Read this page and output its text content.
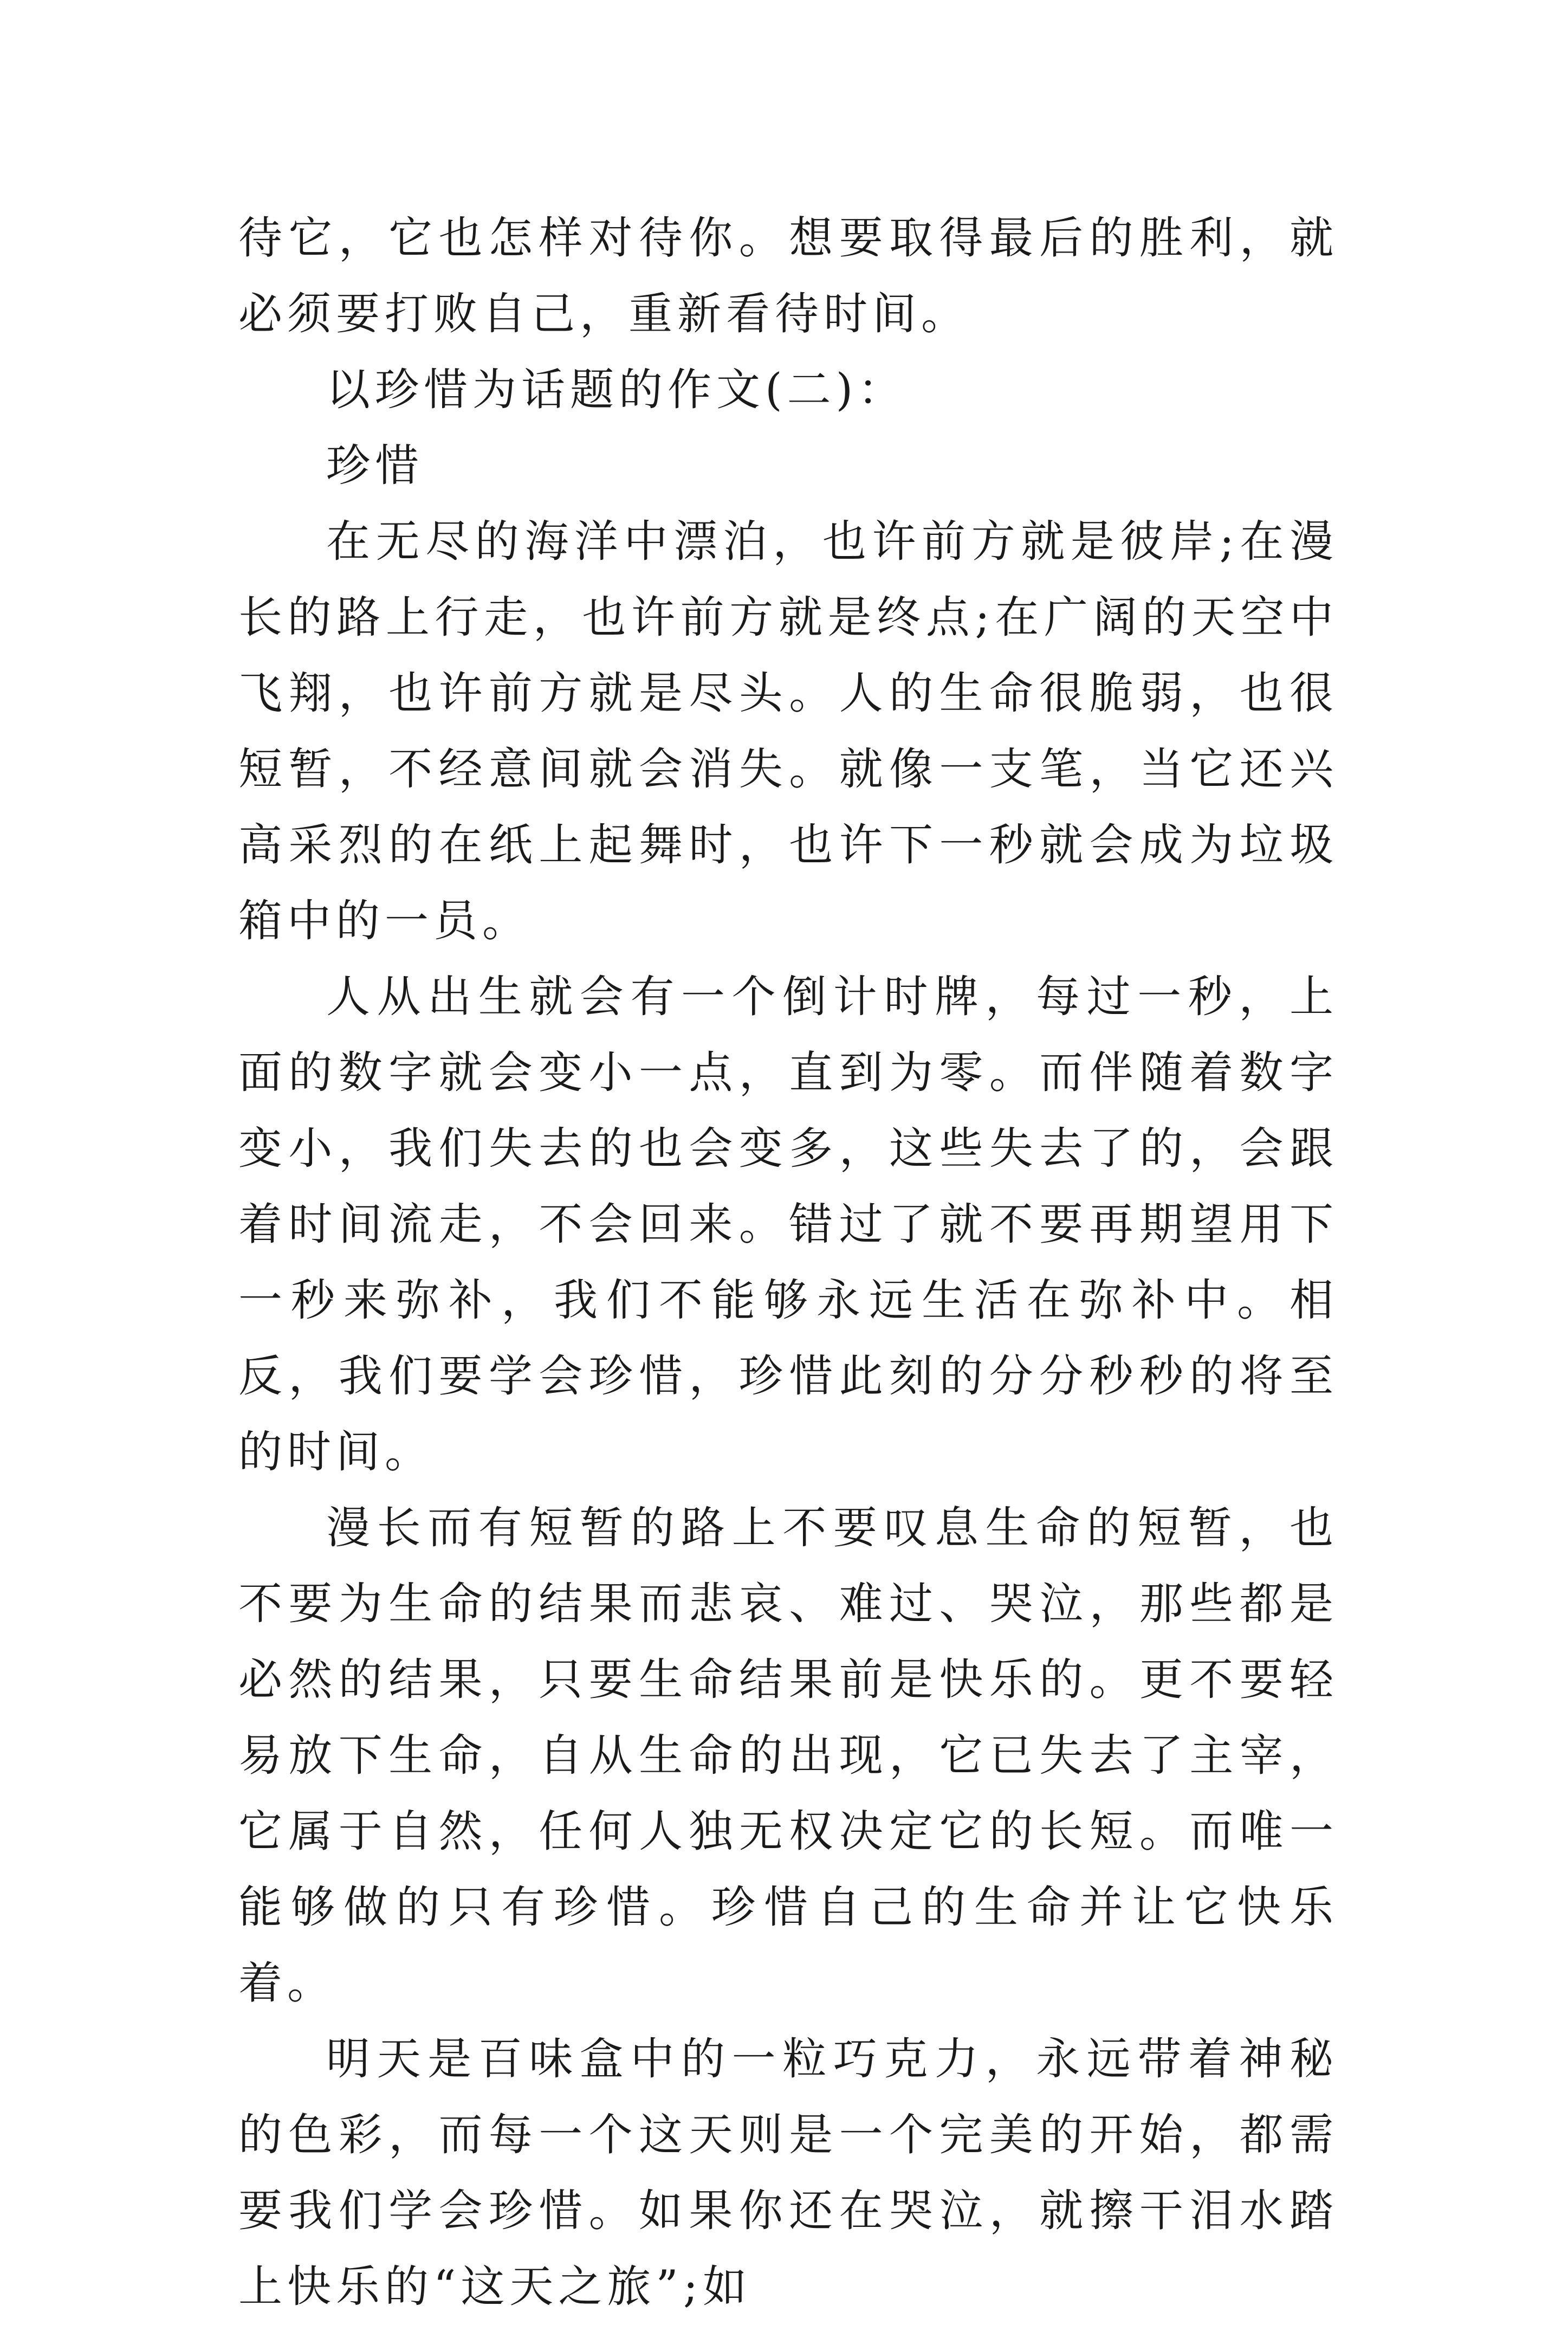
待它，它也怎样对待你。想要取得最后的胜利，就必须要打败自己，重新看待时间。

以珍惜为话题的作文(二)：

珍惜

在无尽的海洋中漂泊，也许前方就是彼岸;在漫长的路上行走，也许前方就是终点;在广阔的天空中飞翔，也许前方就是尽头。人的生命很脆弱，也很短暂，不经意间就会消失。就像一支笔，当它还兴高采烈的在纸上起舞时，也许下一秒就会成为垃圾箱中的一员。

人从出生就会有一个倒计时牌，每过一秒，上面的数字就会变小一点，直到为零。而伴随着数字变小，我们失去的也会变多，这些失去了的，会跟着时间流走，不会回来。错过了就不要再期望用下一秒来弥补，我们不能够永远生活在弥补中。相反，我们要学会珍惜，珍惜此刻的分分秒秒的将至的时间。

漫长而有短暂的路上不要叹息生命的短暂，也不要为生命的结果而悲哀、难过、哭泣，那些都是必然的结果，只要生命结果前是快乐的。更不要轻易放下生命，自从生命的出现，它已失去了主宰，它属于自然，任何人独无权决定它的长短。而唯一能够做的只有珍惜。珍惜自己的生命并让它快乐着。

明天是百味盒中的一粒巧克力，永远带着神秘的色彩，而每一个这天则是一个完美的开始，都需要我们学会珍惜。如果你还在哭泣，就擦干泪水踏上快乐的“这天之旅”;如
